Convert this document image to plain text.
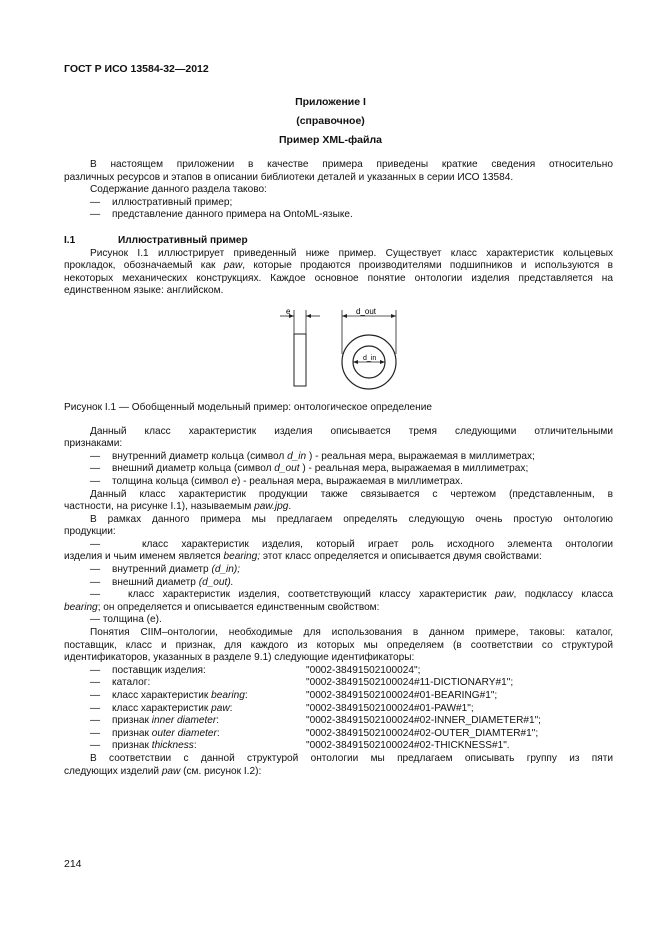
ГОСТ Р ИСО 13584-32—2012
Приложение I
(справочное)
Пример XML-файла

В настоящем приложении в качестве примера приведены краткие сведения относительно

различных ресурсов и этапов в описании библиотеки деталей и указанных в серии ИСО 13584.

Содержание данного раздела таково:

— иллюстративный пример;

— представление данного примера на OntoML-языке.

I.1	Иллюстративный пример

Рисунок I.1 иллюстрирует приведенный ниже пример. Существует класс характеристик кольцевых

прокладок, обозначаемый как paw, которые продаются производителями подшипников и используются в

некоторых механических конструкциях. Каждое основное понятие онтологии изделия представляется на

единственном языке: английском.

e	d_out
d_in

Рисунок I.1 — Обобщенный модельный пример: онтологическое определение

Данный класс характеристик изделия описывается тремя следующими отличительными

признаками:

— внутренний диаметр кольца (символ d_in ) - реальная мера, выражаемая в миллиметрах;

— внешний диаметр кольца (символ d_out ) - реальная мера, выражаемая в миллиметрах;

— толщина кольца (символ e) - реальная мера, выражаемая в миллиметрах.

Данный класс характеристик продукции также связывается с чертежом (представленным, в

частности, на рисунке I.1), называемым paw.jpg.

В рамках данного примера мы предлагаем определять следующую очень простую онтологию

продукции:

—	класс характеристик изделия, который играет роль исходного элемента онтологии

изделия и чьим именем является bearing; этот класс определяется и описывается двумя свойствами:

— внутренний диаметр (d_in);

— внешний диаметр (d_out).

—	класс характеристик изделия, соответствующий классу характеристик paw, подклассу класса

bearing; он определяется и описывается единственным свойством:

— толщина (e).

Понятия CIIM–онтологии, необходимые для использования в данном примере, таковы: каталог,

поставщик, класс и признак, для каждого из которых мы определяем (в соответствии со структурой

идентификаторов, указанных в разделе 9.1) следующие идентификаторы:

—	поставщик изделия:	"0002-38491502100024";
—	каталог:	"0002-38491502100024#11-DICTIONARY#1";
—	класс характеристик bearing:	"0002-38491502100024#01-BEARING#1";
—	класс характеристик paw:	"0002-38491502100024#01-PAW#1";
—	признак inner diameter:	"0002-38491502100024#02-INNER_DIAMETER#1";
—	признак outer diameter:	"0002-38491502100024#02-OUTER_DIAMTER#1";
—	признак thickness:	"0002-38491502100024#02-THICKNESS#1".

В соответствии с данной структурой онтологии мы предлагаем описывать группу из пяти

следующих изделий paw (см. рисунок I.2):

214
